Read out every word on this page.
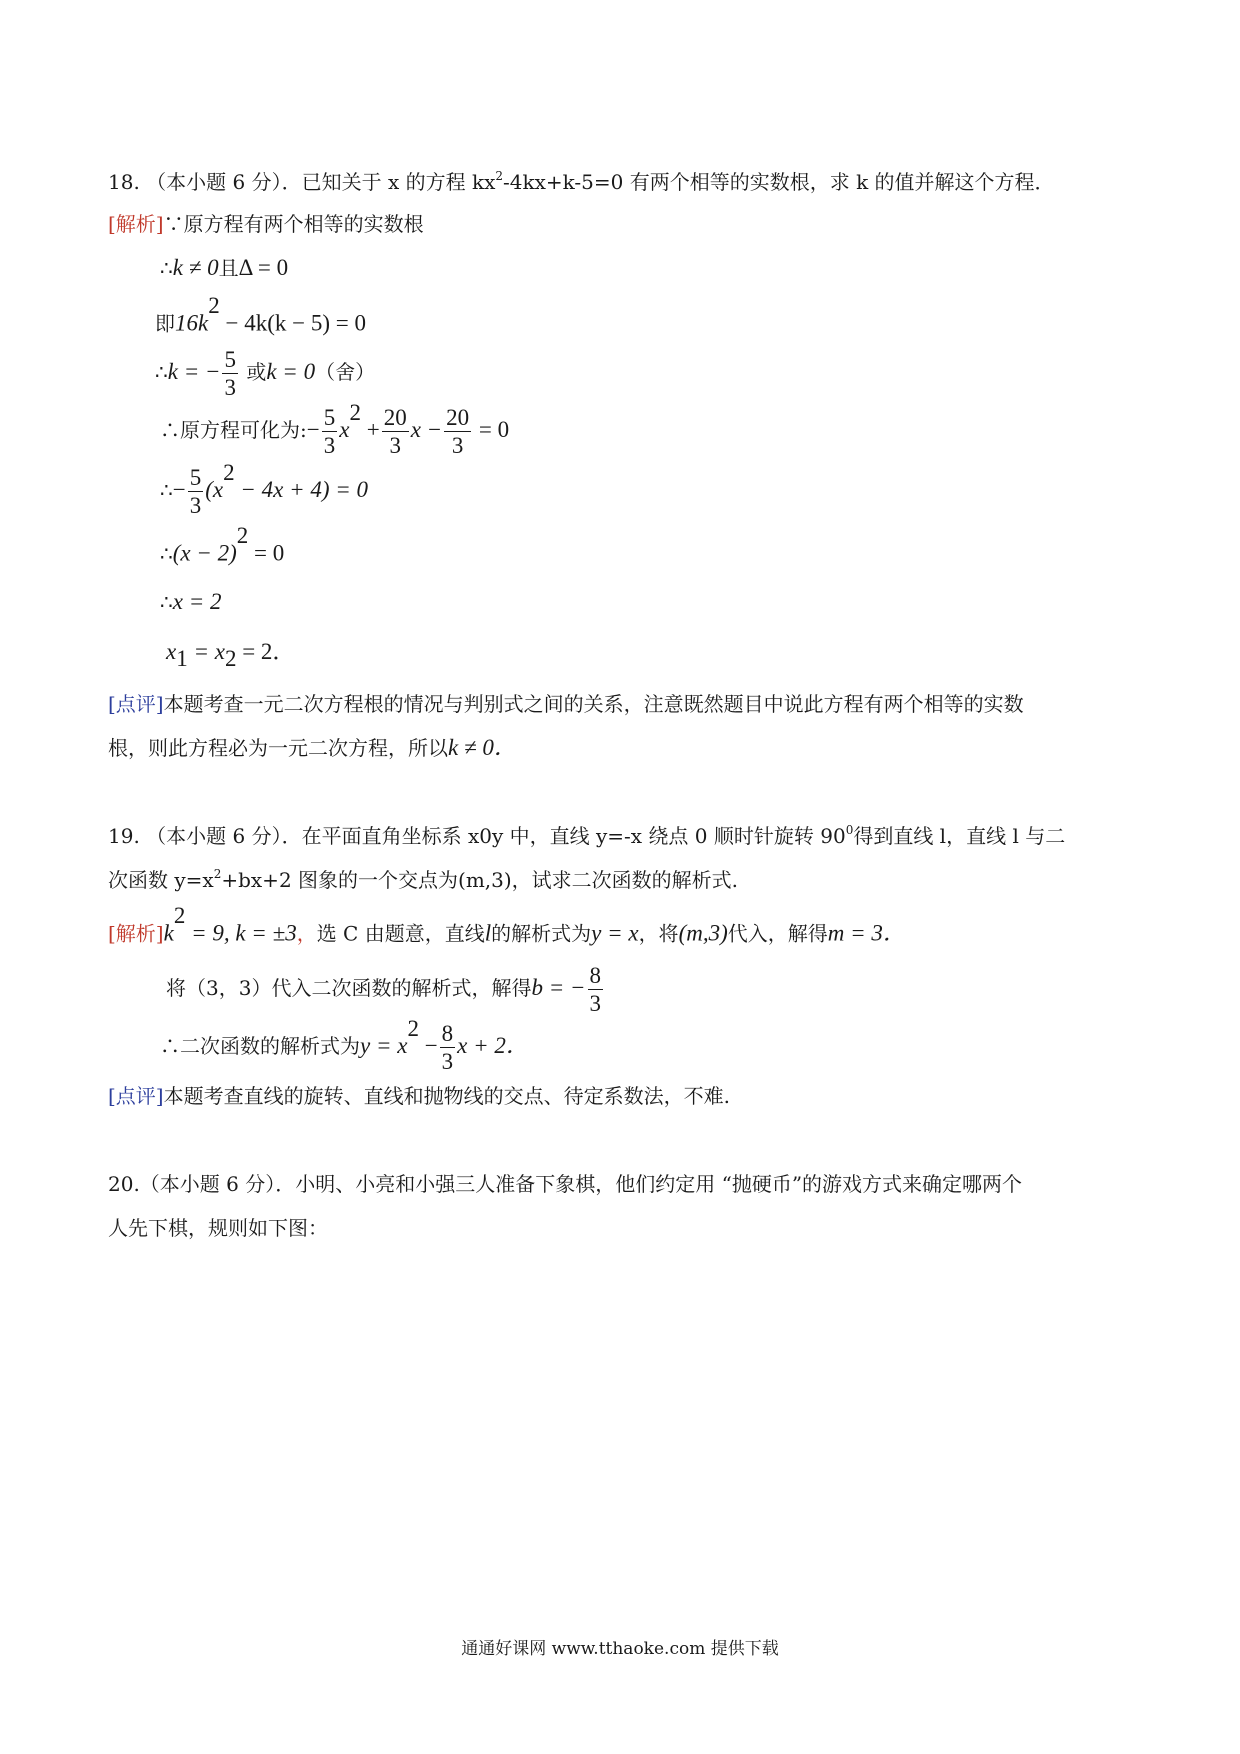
18. （本小题 6 分）．已知关于 x 的方程 $kx^2-4kx+k-5=0$ 有两个相等的实数根，求 k 的值并解这个方程．
[解析]∵原方程有两个相等的实数根
∴k ≠ 0且Δ = 0
即$16k^2 - 4k(k - 5) = 0$
∴k = − $\frac{5}{3}$ 或k = 0（舍）
∴原方程可化为:− $\frac{5}{3} x^2 + \frac{20}{3}$ $x - \frac{20}{3} = 0$
∴− $\frac{5}{3} (x^2 - 4x + 4) = 0$
∴(x − 2)$^2$ = 0
∴x = 2
$x_1 = x_2 = 2$．
[点评]本题考查一元二次方程根的情况与判别式之间的关系，注意既然题目中说此方程有两个相等的实数
根，则此方程必为一元二次方程，所以k ≠ 0．
19. （本小题 6 分）．在平面直角坐标系 x0y 中，直线 y=-x 绕点 0 顺时针旋转 $90^0$得到直线 l，直线 l 与二
次函数 $y=x^2+bx+2$ 图象的一个交点为(m,3)，试求二次函数的解析式.
[解析]$k^2 = 9$, k = ±3，选 C 由题意，直线l的解析式为y = x，将(m,3)代入，解得m = 3．
将（3，3）代入二次函数的解析式，解得b = − $\frac{8}{3}$
∴二次函数的解析式为$y = x^2 - \frac{8}{3}$ x + 2．
[点评]本题考查直线的旋转、直线和抛物线的交点、待定系数法，不难.
20.（本小题 6 分）．小明、小亮和小强三人准备下象棋，他们约定用 “抛硬币”的游戏方式来确定哪两个
人先下棋，规则如下图：
通通好课网 www.tthaoke.com 提供下载
